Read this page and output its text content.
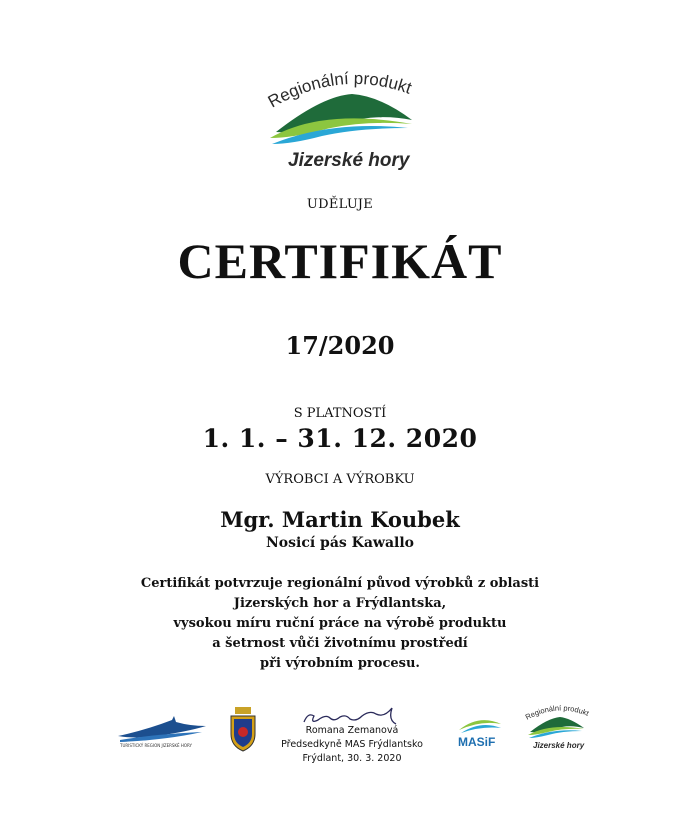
Regionální produkt
Jizerské hory
UDĚLUJE
CERTIFIKÁT
17/2020
S PLATNOSTÍ
1. 1. – 31. 12. 2020
VÝROBCI A VÝROBKU
Mgr. Martin Koubek
Nosicí pás Kawallo
Certifikát potvrzuje regionální původ výrobků z oblasti
Jizerských hor a Frýdlantska,
vysokou míru ruční práce na výrobě produktu
a šetrnost vůči životnímu prostředí
při výrobním procesu.
TURISTICKÝ REGION JIZERSKÉ HORY
Romana Zemanová
Předsedkyně MAS Frýdlantsko
Frýdlant, 30. 3. 2020
MASiF
Regionální produkt
Jizerské hory
